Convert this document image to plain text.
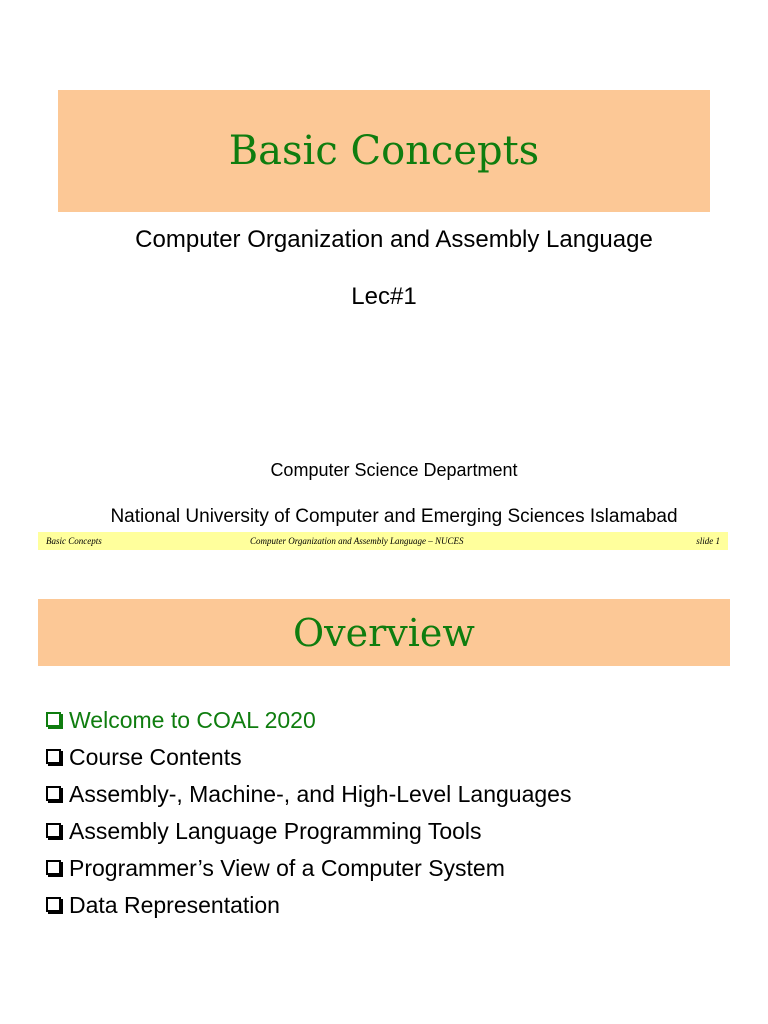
Basic Concepts
Computer Organization and Assembly Language
Lec#1
Computer Science Department
National University of Computer and Emerging Sciences Islamabad
Basic Concepts	Computer Organization and Assembly Language – NUCES	slide 1
Overview
Welcome to COAL 2020
Course Contents
Assembly-, Machine-, and High-Level Languages
Assembly Language Programming Tools
Programmer’s View of a Computer System
Data Representation
